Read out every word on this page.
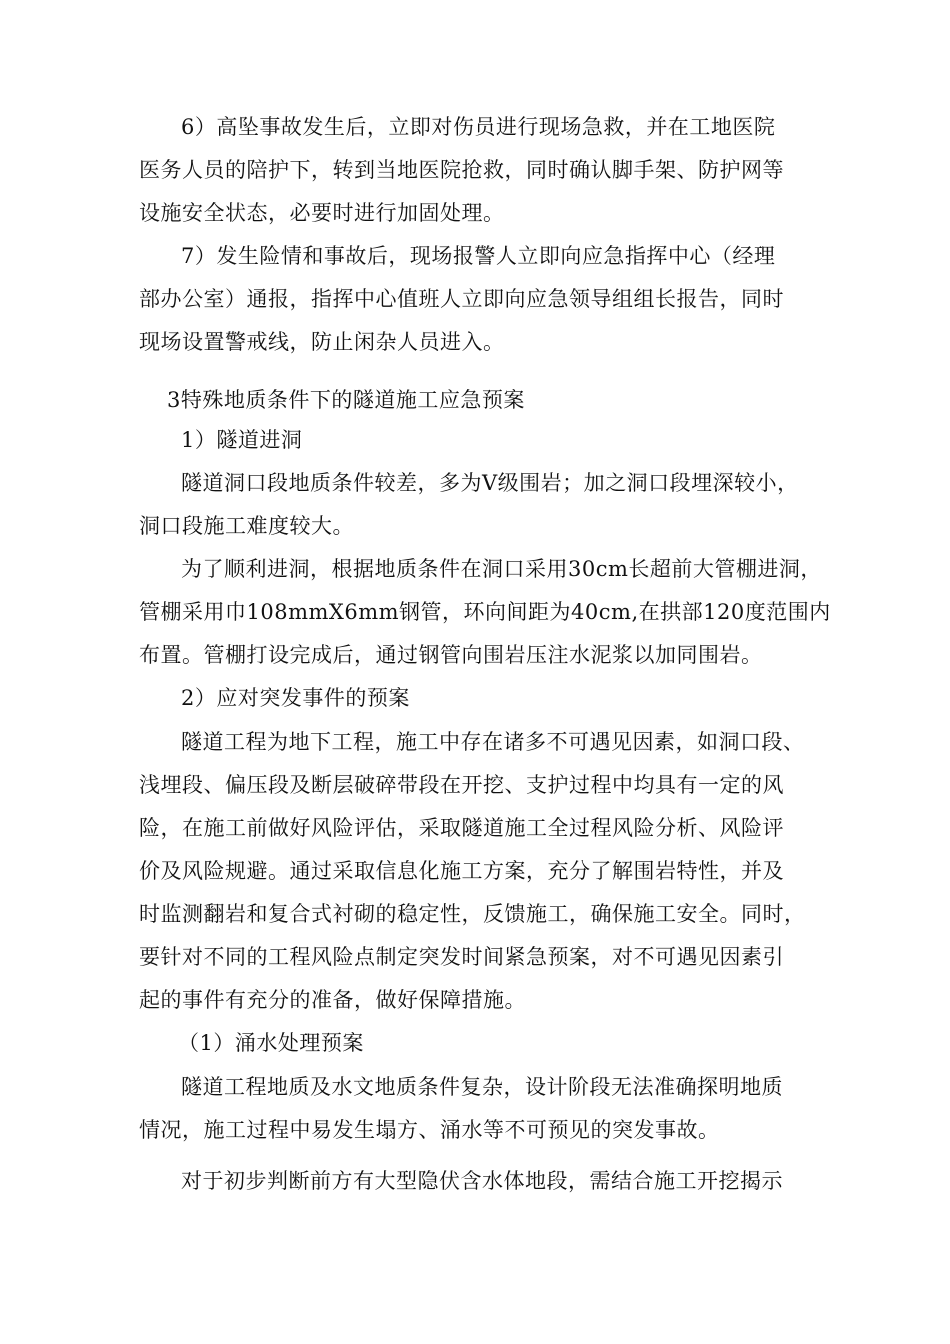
6）高坠事故发生后，立即对伤员进行现场急救，并在工地医院
医务人员的陪护下，转到当地医院抢救，同时确认脚手架、防护网等
设施安全状态，必要时进行加固处理。
7）发生险情和事故后，现场报警人立即向应急指挥中心（经理
部办公室）通报，指挥中心值班人立即向应急领导组组长报告，同时
现场设置警戒线，防止闲杂人员进入。
3特殊地质条件下的隧道施工应急预案
1）隧道进洞
隧道洞口段地质条件较差，多为Ⅴ级围岩；加之洞口段埋深较小，
洞口段施工难度较大。
为了顺利进洞，根据地质条件在洞口采用30cm长超前大管棚进洞，
管棚采用巾108mmX6mm钢管，环向间距为40cm,在拱部120度范围内
布置。管棚打设完成后，通过钢管向围岩压注水泥浆以加同围岩。
2）应对突发事件的预案
隧道工程为地下工程，施工中存在诸多不可遇见因素，如洞口段、
浅埋段、偏压段及断层破碎带段在开挖、支护过程中均具有一定的风
险，在施工前做好风险评估，采取隧道施工全过程风险分析、风险评
价及风险规避。通过采取信息化施工方案，充分了解围岩特性，并及
时监测翻岩和复合式衬砌的稳定性，反馈施工，确保施工安全。同时，
要针对不同的工程风险点制定突发时间紧急预案，对不可遇见因素引
起的事件有充分的准备，做好保障措施。
（1）涌水处理预案
隧道工程地质及水文地质条件复杂，设计阶段无法准确探明地质
情况，施工过程中易发生塌方、涌水等不可预见的突发事故。
对于初步判断前方有大型隐伏含水体地段，需结合施工开挖揭示
